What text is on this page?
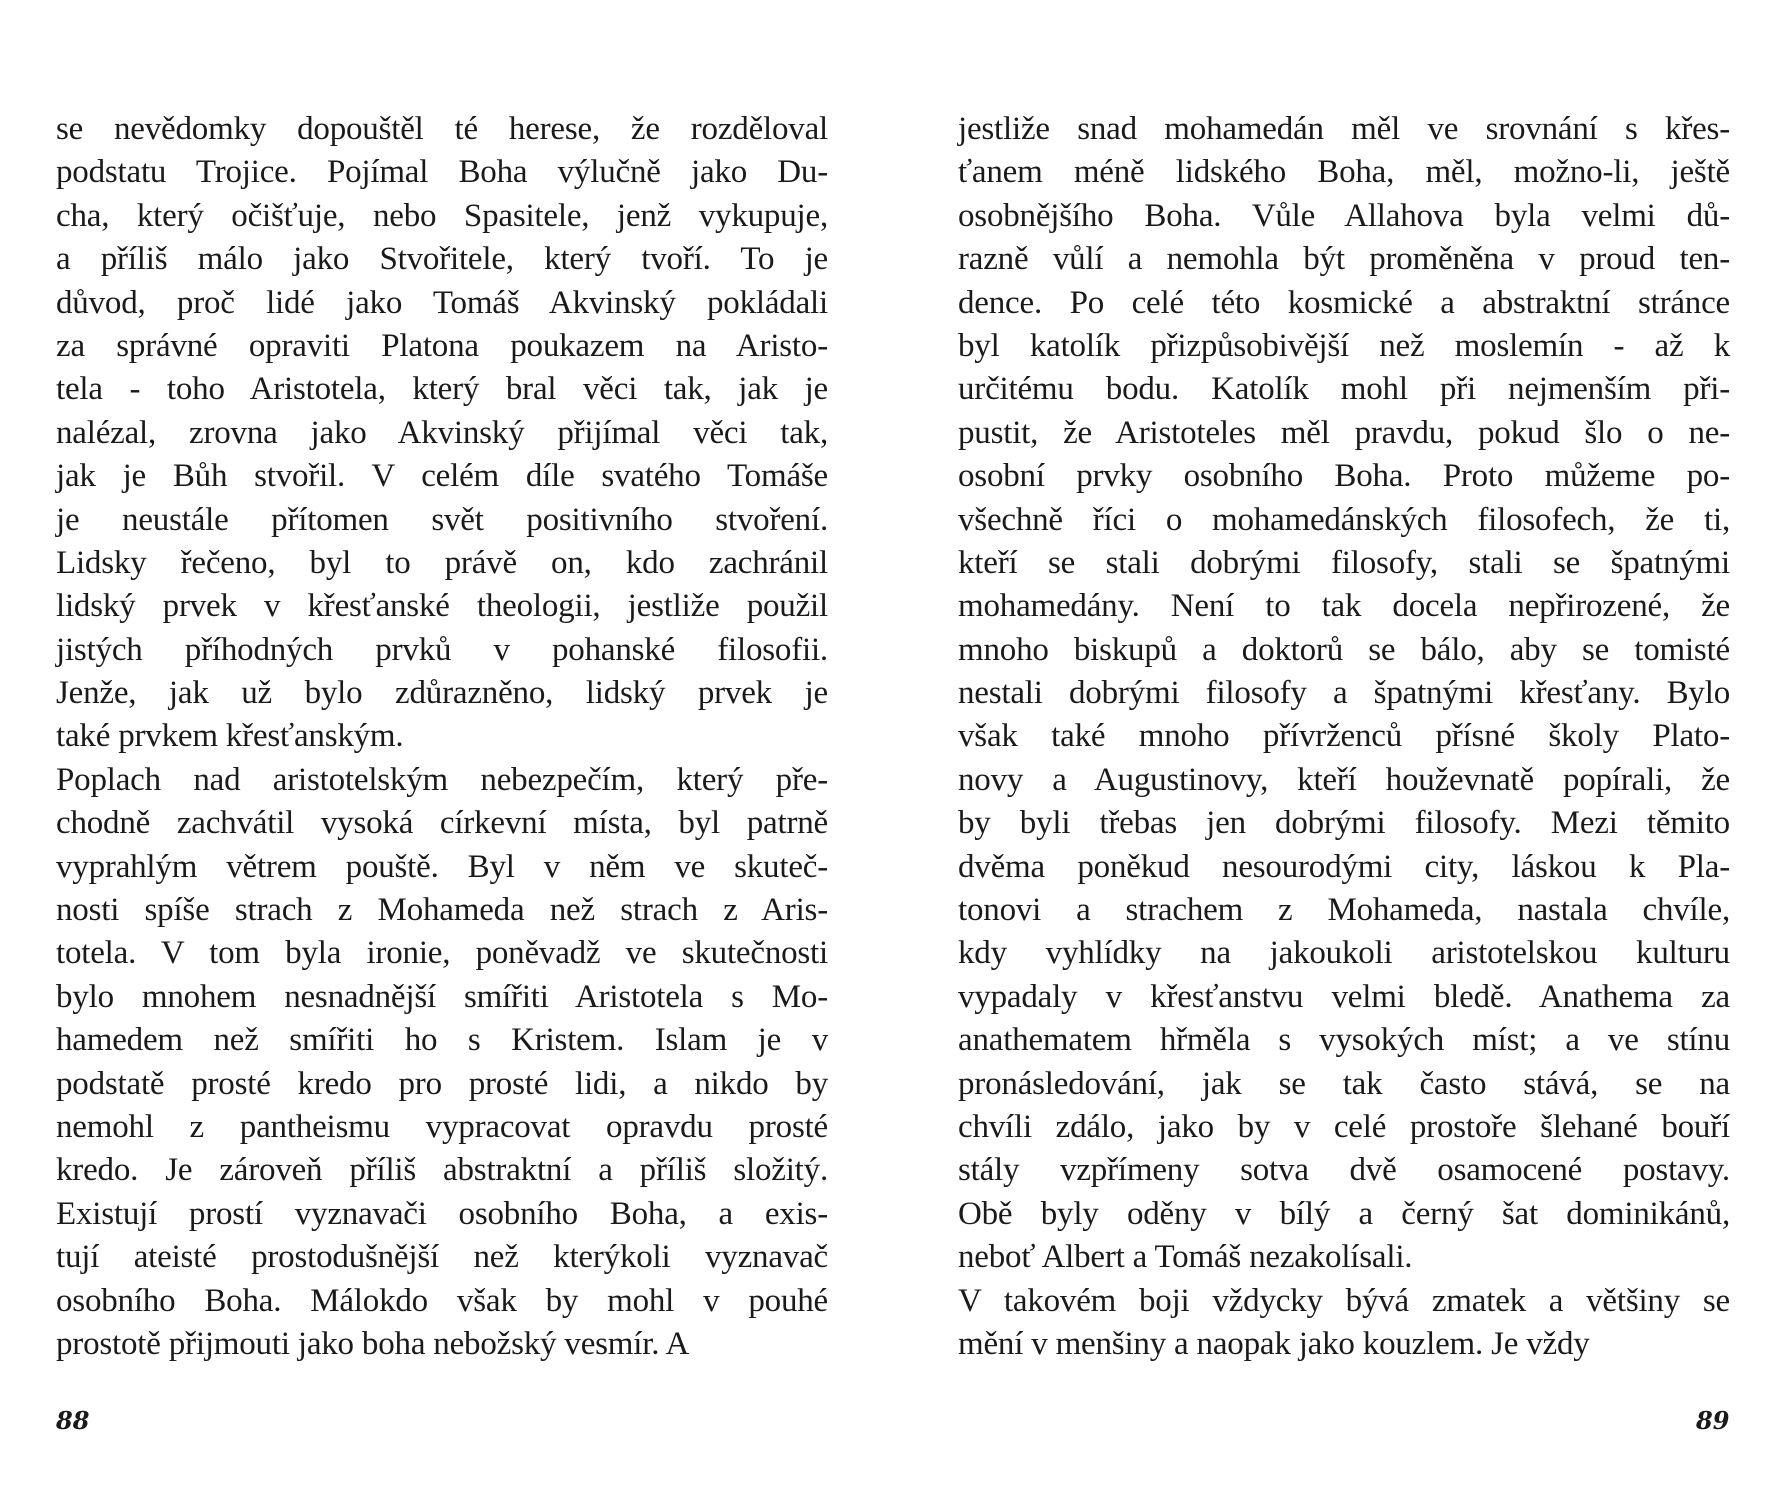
se nevědomky dopouštěl té herese, že rozděloval
podstatu Trojice. Pojímal Boha výlučně jako Du-
cha, který očišťuje, nebo Spasitele, jenž vykupuje,
a příliš málo jako Stvořitele, který tvoří. To je
důvod, proč lidé jako Tomáš Akvinský pokládali
za správné opraviti Platona poukazem na Aristo-
tela - toho Aristotela, který bral věci tak, jak je
nalézal, zrovna jako Akvinský přijímal věci tak,
jak je Bůh stvořil. V celém díle svatého Tomáše
je neustále přítomen svět positivního stvoření.
Lidsky řečeno, byl to právě on, kdo zachránil
lidský prvek v křesťanské theologii, jestliže použil
jistých příhodných prvků v pohanské filosofii.
Jenže, jak už bylo zdůrazněno, lidský prvek je
také prvkem křesťanským.
Poplach nad aristotelským nebezpečím, který pře-
chodně zachvátil vysoká církevní místa, byl patrně
vyprahlým větrem pouště. Byl v něm ve skuteč-
nosti spíše strach z Mohameda než strach z Aris-
totela. V tom byla ironie, poněvadž ve skutečnosti
bylo mnohem nesnadnější smířiti Aristotela s Mo-
hamedem než smířiti ho s Kristem. Islam je v
podstatě prosté kredo pro prosté lidi, a nikdo by
nemohl z pantheismu vypracovat opravdu prosté
kredo. Je zároveň příliš abstraktní a příliš složitý.
Existují prostí vyznavači osobního Boha, a exis-
tují ateisté prostodušnější než kterýkoli vyznavač
osobního Boha. Málokdo však by mohl v pouhé
prostotě přijmouti jako boha nebožský vesmír. A
jestliže snad mohamedán měl ve srovnání s křes-
ťanem méně lidského Boha, měl, možno-li, ještě
osobnějšího Boha. Vůle Allahova byla velmi dů-
razně vůlí a nemohla být proměněna v proud ten-
dence. Po celé této kosmické a abstraktní stránce
byl katolík přizpůsobivější než moslemín - až k
určitému bodu. Katolík mohl při nejmenším při-
pustit, že Aristoteles měl pravdu, pokud šlo o ne-
osobní prvky osobního Boha. Proto můžeme po-
všechně říci o mohamedánských filosofech, že ti,
kteří se stali dobrými filosofy, stali se špatnými
mohamedány. Není to tak docela nepřirozené, že
mnoho biskupů a doktorů se bálo, aby se tomisté
nestali dobrými filosofy a špatnými křesťany. Bylo
však také mnoho přívrženců přísné školy Plato-
novy a Augustinovy, kteří houževnatě popírali, že
by byli třebas jen dobrými filosofy. Mezi těmito
dvěma poněkud nesourodými city, láskou k Pla-
tonovi a strachem z Mohameda, nastala chvíle,
kdy vyhlídky na jakoukoli aristotelskou kulturu
vypadaly v křesťanstvu velmi bledě. Anathema za
anathematem hřměla s vysokých míst; a ve stínu
pronásledování, jak se tak často stává, se na
chvíli zdálo, jako by v celé prostoře šlehané bouří
stály vzpřímeny sotva dvě osamocené postavy.
Obě byly oděny v bílý a černý šat dominikánů,
neboť Albert a Tomáš nezakolísali.
V takovém boji vždycky bývá zmatek a většiny se
mění v menšiny a naopak jako kouzlem. Je vždy
88	89
